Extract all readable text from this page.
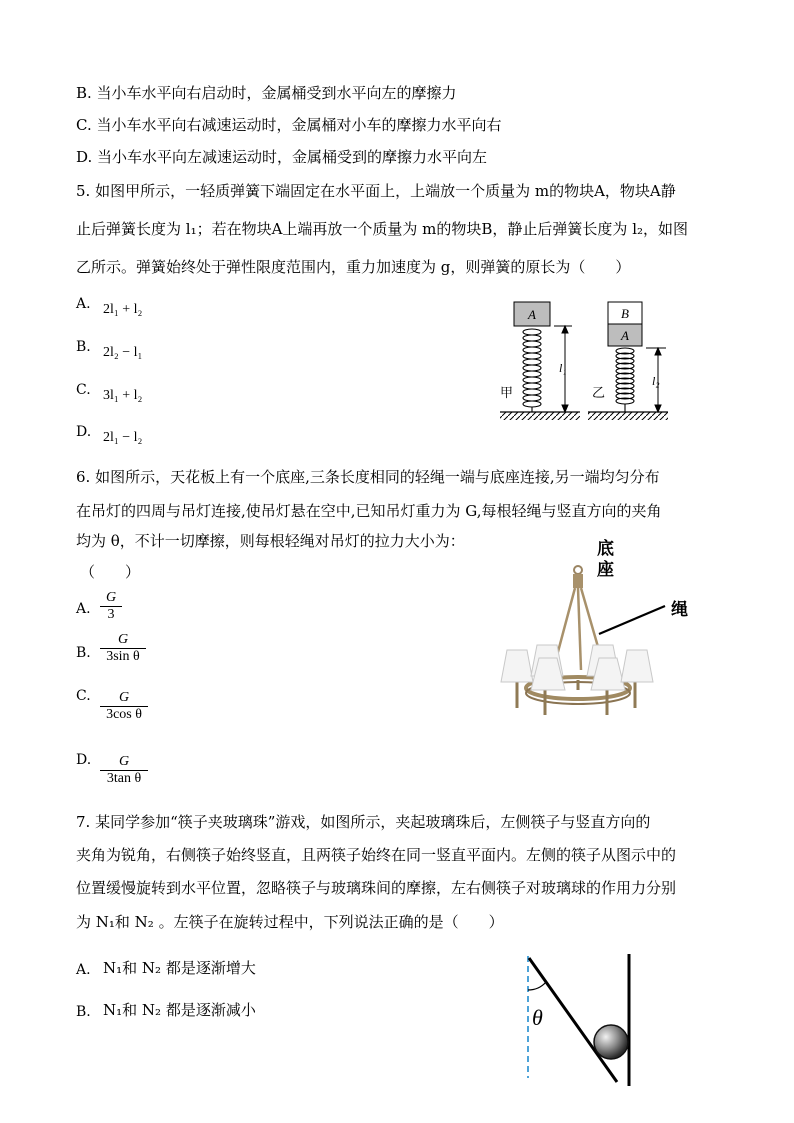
B. 当小车水平向右启动时，金属桶受到水平向左的摩擦力
C. 当小车水平向右减速运动时，金属桶对小车的摩擦力水平向右
D. 当小车水平向左减速运动时，金属桶受到的摩擦力水平向左
5. 如图甲所示，一轻质弹簧下端固定在水平面上，上端放一个质量为 m的物块A，物块A静
止后弹簧长度为 l₁；若在物块A上端再放一个质量为 m的物块B，静止后弹簧长度为 l₂，如图
乙所示。弹簧始终处于弹性限度范围内，重力加速度为 g，则弹簧的原长为（　　）
A. 2l₁ + l₂
B. 2l₂ − l₁
C. 3l₁ + l₂
D. 2l₁ − l₂
A
l₁
甲
B
A
l₂
乙
6. 如图所示，天花板上有一个底座,三条长度相同的轻绳一端与底座连接,另一端均匀分布
在吊灯的四周与吊灯连接,使吊灯悬在空中,已知吊灯重力为 G,每根轻绳与竖直方向的夹角
均为 θ，不计一切摩擦，则每根轻绳对吊灯的拉力大小为：
（　　）
A.
G
3
B.
G
3sin θ
C.	G
3cos θ
D.	G
3tan θ
底
座
绳
7. 某同学参加“筷子夹玻璃珠”游戏，如图所示，夹起玻璃珠后，左侧筷子与竖直方向的
夹角为锐角，右侧筷子始终竖直，且两筷子始终在同一竖直平面内。左侧的筷子从图示中的
位置缓慢旋转到水平位置，忽略筷子与玻璃珠间的摩擦，左右侧筷子对玻璃球的作用力分别
为 N₁和 N₂ 。左筷子在旋转过程中，下列说法正确的是（　　）
A. N₁和 N₂ 都是逐渐增大
B. N₁和 N₂ 都是逐渐减小	θ
